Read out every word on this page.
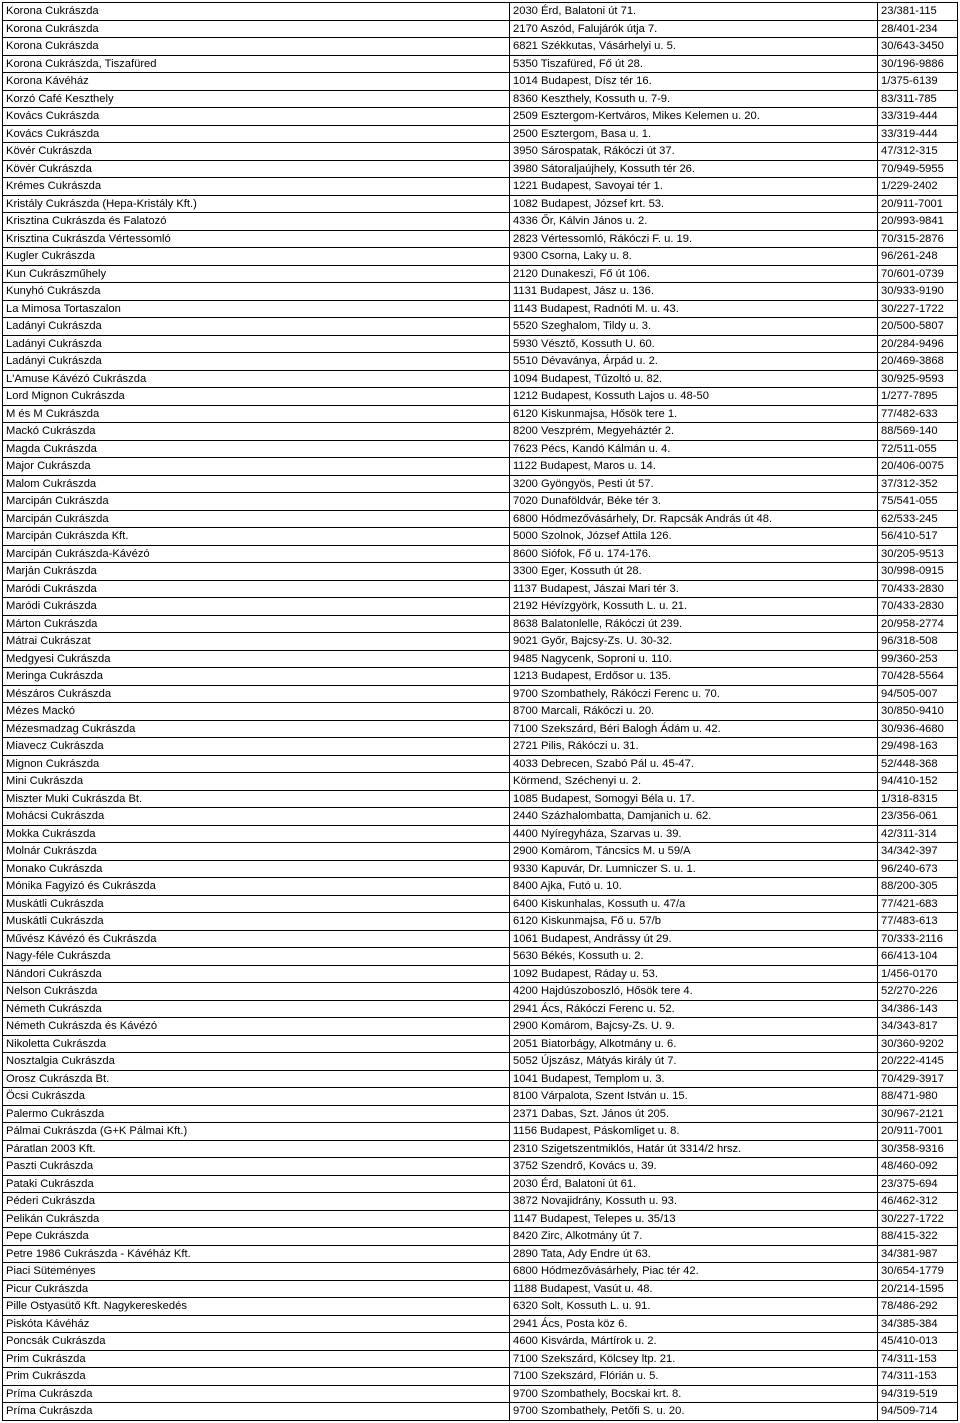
Korona Cukrászda	2030 Érd, Balatoni út 71.	23/381-115
Korona Cukrászda	2170 Aszód, Falujárók útja 7.	28/401-234
Korona Cukrászda	6821 Székkutas, Vásárhelyi u. 5.	30/643-3450
Korona Cukrászda, Tiszafüred	5350 Tiszafüred, Fő út 28.	30/196-9886
Korona Kávéház	1014 Budapest, Dísz tér 16.	1/375-6139
Korzó Café Keszthely	8360 Keszthely, Kossuth u. 7-9.	83/311-785
Kovács Cukrászda	2509 Esztergom-Kertváros, Mikes Kelemen u. 20.	33/319-444
Kovács Cukrászda	2500 Esztergom, Basa u. 1.	33/319-444
Kövér Cukrászda	3950 Sárospatak, Rákóczi út 37.	47/312-315
Kövér Cukrászda	3980 Sátoraljaújhely, Kossuth tér 26.	70/949-5955
Krémes Cukrászda	1221 Budapest, Savoyai tér 1.	1/229-2402
Kristály Cukrászda (Hepa-Kristály Kft.)	1082 Budapest, József krt. 53.	20/911-7001
Krisztina Cukrászda és Falatozó	4336 Őr, Kálvin János u. 2.	20/993-9841
Krisztina Cukrászda Vértessomló	2823 Vértessomló, Rákóczi F. u. 19.	70/315-2876
Kugler Cukrászda	9300 Csorna, Laky u. 8.	96/261-248
Kun Cukrászműhely	2120 Dunakeszi, Fő út 106.	70/601-0739
Kunyhó Cukrászda	1131 Budapest, Jász u. 136.	30/933-9190
La Mimosa Tortaszalon	1143 Budapest, Radnóti M. u. 43.	30/227-1722
Ladányi Cukrászda	5520 Szeghalom, Tildy u. 3.	20/500-5807
Ladányi Cukrászda	5930 Vésztő, Kossuth U. 60.	20/284-9496
Ladányi Cukrászda	5510 Dévaványa, Árpád u. 2.	20/469-3868
L'Amuse Kávézó Cukrászda	1094 Budapest, Tűzoltó u. 82.	30/925-9593
Lord Mignon Cukrászda	1212 Budapest, Kossuth Lajos u. 48-50	1/277-7895
M és M Cukrászda	6120 Kiskunmajsa, Hősök tere 1.	77/482-633
Mackó Cukrászda	8200 Veszprém, Megyeháztér 2.	88/569-140
Magda Cukrászda	7623 Pécs, Kandó Kálmán u. 4.	72/511-055
Major Cukrászda	1122 Budapest, Maros u. 14.	20/406-0075
Malom Cukrászda	3200 Gyöngyös, Pesti út 57.	37/312-352
Marcipán Cukrászda	7020 Dunaföldvár, Béke tér 3.	75/541-055
Marcipán Cukrászda	6800 Hódmezővásárhely, Dr. Rapcsák András út 48.	62/533-245
Marcipán Cukrászda Kft.	5000 Szolnok, József Attila 126.	56/410-517
Marcipán Cukrászda-Kávézó	8600 Siófok, Fő u. 174-176.	30/205-9513
Marján Cukrászda	3300 Eger, Kossuth út 28.	30/998-0915
Maródi Cukrászda	1137 Budapest, Jászai Mari tér 3.	70/433-2830
Maródi Cukrászda	2192 Hévízgyörk, Kossuth L. u. 21.	70/433-2830
Márton Cukrászda	8638 Balatonlelle, Rákóczi út 239.	20/958-2774
Mátrai Cukrászat	9021 Győr, Bajcsy-Zs. U. 30-32.	96/318-508
Medgyesi Cukrászda	9485 Nagycenk, Soproni u. 110.	99/360-253
Meringa Cukrászda	1213 Budapest, Erdősor u. 135.	70/428-5564
Mészáros Cukrászda	9700 Szombathely, Rákóczi Ferenc u. 70.	94/505-007
Mézes Mackó	8700 Marcali, Rákóczi u. 20.	30/850-9410
Mézesmadzag Cukrászda	7100 Szekszárd, Béri Balogh Ádám u. 42.	30/936-4680
Miavecz Cukrászda	2721 Pilis, Rákóczi u. 31.	29/498-163
Mignon Cukrászda	4033 Debrecen, Szabó Pál u. 45-47.	52/448-368
Mini Cukrászda	Körmend, Széchenyi u. 2.	94/410-152
Miszter Muki Cukrászda Bt.	1085 Budapest, Somogyi Béla u. 17.	1/318-8315
Mohácsi Cukrászda	2440 Százhalombatta, Damjanich u. 62.	23/356-061
Mokka Cukrászda	4400 Nyíregyháza, Szarvas u. 39.	42/311-314
Molnár Cukrászda	2900 Komárom, Táncsics M. u 59/A	34/342-397
Monako Cukrászda	9330 Kapuvár, Dr. Lumniczer S. u. 1.	96/240-673
Mónika Fagyizó és Cukrászda	8400 Ajka, Futó u. 10.	88/200-305
Muskátli Cukrászda	6400 Kiskunhalas, Kossuth u. 47/a	77/421-683
Muskátli Cukrászda	6120 Kiskunmajsa, Fő u. 57/b	77/483-613
Művész Kávézó és Cukrászda	1061 Budapest, Andrássy út 29.	70/333-2116
Nagy-féle Cukrászda	5630 Békés, Kossuth u. 2.	66/413-104
Nándori Cukrászda	1092 Budapest, Ráday u. 53.	1/456-0170
Nelson Cukrászda	4200 Hajdúszoboszló, Hősök tere 4.	52/270-226
Németh Cukrászda	2941 Ács, Rákóczi Ferenc u. 52.	34/386-143
Németh Cukrászda és Kávézó	2900 Komárom, Bajcsy-Zs. U. 9.	34/343-817
Nikoletta Cukrászda	2051 Biatorbágy, Alkotmány u. 6.	30/360-9202
Nosztalgia Cukrászda	5052 Újszász, Mátyás király út 7.	20/222-4145
Orosz Cukrászda Bt.	1041 Budapest, Templom u. 3.	70/429-3917
Öcsi Cukrászda	8100 Várpalota, Szent István u. 15.	88/471-980
Palermo Cukrászda	2371 Dabas, Szt. János út 205.	30/967-2121
Pálmai Cukrászda (G+K Pálmai Kft.)	1156 Budapest, Páskomliget u. 8.	20/911-7001
Páratlan 2003 Kft.	2310 Szigetszentmiklós, Határ út 3314/2 hrsz.	30/358-9316
Paszti Cukrászda	3752 Szendrő, Kovács u. 39.	48/460-092
Pataki Cukrászda	2030 Érd, Balatoni út 61.	23/375-694
Péderi Cukrászda	3872 Novajidrány, Kossuth u. 93.	46/462-312
Pelikán Cukrászda	1147 Budapest, Telepes u. 35/13	30/227-1722
Pepe Cukrászda	8420 Zirc, Alkotmány út 7.	88/415-322
Petre 1986 Cukrászda - Kávéház Kft.	2890 Tata, Ady Endre út 63.	34/381-987
Piaci Süteményes	6800 Hódmezővásárhely, Piac tér 42.	30/654-1779
Picur Cukrászda	1188 Budapest, Vasút u. 48.	20/214-1595
Pille Ostyasütő Kft. Nagykereskedés	6320 Solt, Kossuth L. u. 91.	78/486-292
Piskóta Kávéház	2941 Ács, Posta köz 6.	34/385-384
Poncsák Cukrászda	4600 Kisvárda, Mártírok u. 2.	45/410-013
Prim Cukrászda	7100 Szekszárd, Kölcsey ltp. 21.	74/311-153
Prim Cukrászda	7100 Szekszárd, Flórián u. 5.	74/311-153
Príma Cukrászda	9700 Szombathely, Bocskai krt. 8.	94/319-519
Príma Cukrászda	9700 Szombathely, Petőfi S. u. 20.	94/509-714
